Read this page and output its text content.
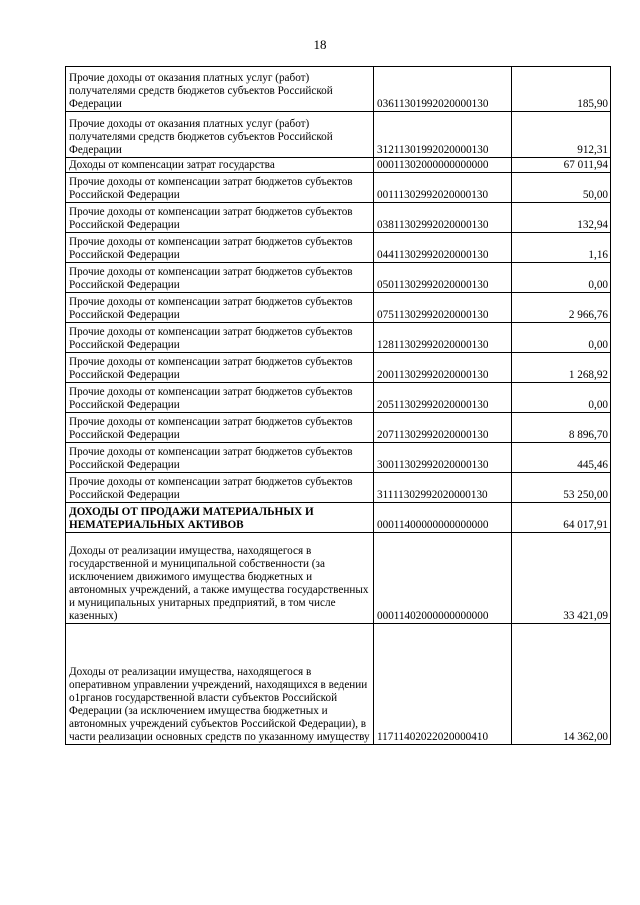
18
Прочие доходы от оказания платных услуг (работ) получателями средств бюджетов субъектов Российской Федерации	03611301992020000130	185,90
Прочие доходы от оказания платных услуг (работ) получателями средств бюджетов субъектов Российской Федерации	31211301992020000130	912,31
Доходы от компенсации затрат государства	00011302000000000000	67 011,94
Прочие доходы от компенсации затрат бюджетов субъектов Российской Федерации	00111302992020000130	50,00
Прочие доходы от компенсации затрат бюджетов субъектов Российской Федерации	03811302992020000130	132,94
Прочие доходы от компенсации затрат бюджетов субъектов Российской Федерации	04411302992020000130	1,16
Прочие доходы от компенсации затрат бюджетов субъектов Российской Федерации	05011302992020000130	0,00
Прочие доходы от компенсации затрат бюджетов субъектов Российской Федерации	07511302992020000130	2 966,76
Прочие доходы от компенсации затрат бюджетов субъектов Российской Федерации	12811302992020000130	0,00
Прочие доходы от компенсации затрат бюджетов субъектов Российской Федерации	20011302992020000130	1 268,92
Прочие доходы от компенсации затрат бюджетов субъектов Российской Федерации	20511302992020000130	0,00
Прочие доходы от компенсации затрат бюджетов субъектов Российской Федерации	20711302992020000130	8 896,70
Прочие доходы от компенсации затрат бюджетов субъектов Российской Федерации	30011302992020000130	445,46
Прочие доходы от компенсации затрат бюджетов субъектов Российской Федерации	31111302992020000130	53 250,00
ДОХОДЫ ОТ ПРОДАЖИ МАТЕРИАЛЬНЫХ И НЕМАТЕРИАЛЬНЫХ АКТИВОВ	00011400000000000000	64 017,91
Доходы от реализации имущества, находящегося в государственной и муниципальной собственности (за исключением движимого имущества бюджетных и автономных учреждений, а также имущества государственных и муниципальных унитарных предприятий, в том числе казенных)	00011402000000000000	33 421,09
Доходы от реализации имущества, находящегося в оперативном управлении учреждений, находящихся в ведении о1рганов государственной власти субъектов Российской Федерации (за исключением имущества бюджетных и автономных учреждений субъектов Российской Федерации), в части реализации основных средств по указанному имуществу	11711402022020000410	14 362,00
